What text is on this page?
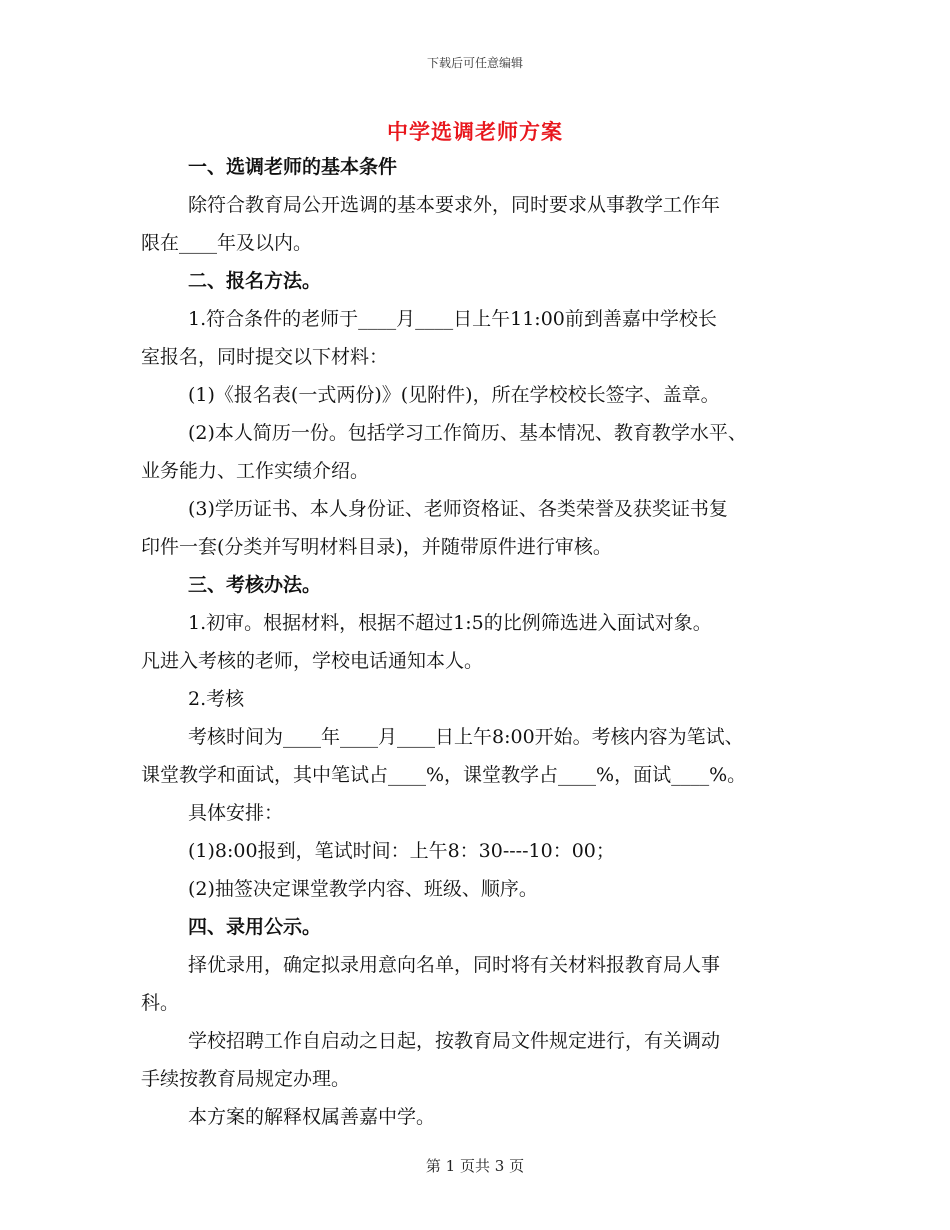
下载后可任意编辑
中学选调老师方案
一、选调老师的基本条件
除符合教育局公开选调的基本要求外，同时要求从事教学工作年
限在____年及以内。
二、报名方法。
1.符合条件的老师于____月____日上午11:00前到善嘉中学校长
室报名，同时提交以下材料：
(1)《报名表(一式两份)》(见附件)，所在学校校长签字、盖章。
(2)本人简历一份。包括学习工作简历、基本情况、教育教学水平、
业务能力、工作实绩介绍。
(3)学历证书、本人身份证、老师资格证、各类荣誉及获奖证书复
印件一套(分类并写明材料目录)，并随带原件进行审核。
三、考核办法。
1.初审。根据材料，根据不超过1:5的比例筛选进入面试对象。
凡进入考核的老师，学校电话通知本人。
2.考核
考核时间为____年____月____日上午8:00开始。考核内容为笔试、
课堂教学和面试，其中笔试占____%，课堂教学占____%，面试____%。
具体安排：
(1)8:00报到，笔试时间：上午8：30----10：00；
(2)抽签决定课堂教学内容、班级、顺序。
四、录用公示。
择优录用，确定拟录用意向名单，同时将有关材料报教育局人事
科。
学校招聘工作自启动之日起，按教育局文件规定进行，有关调动
手续按教育局规定办理。
本方案的解释权属善嘉中学。
第 1 页共 3 页
